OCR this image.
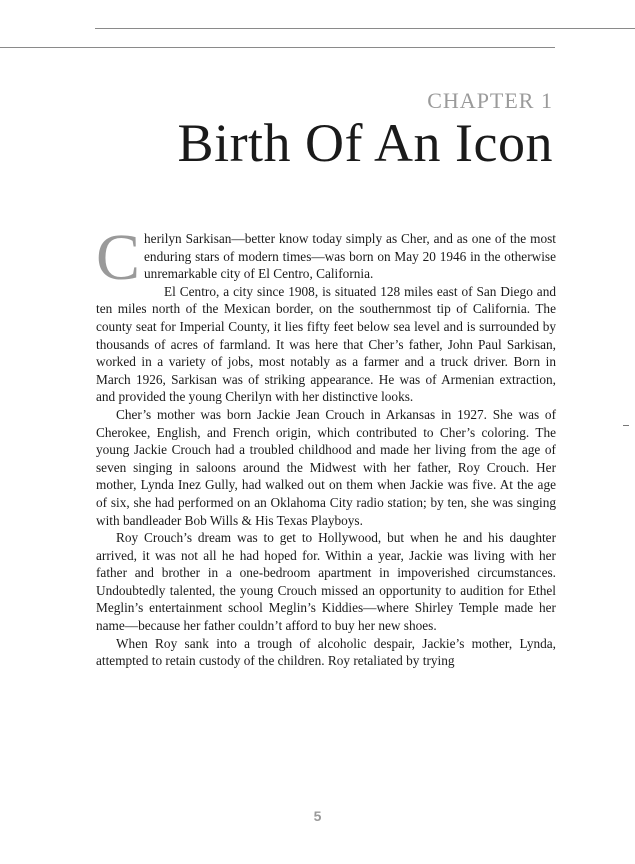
CHAPTER 1
Birth Of An Icon

Cherilyn Sarkisan—better know today simply as Cher, and as one of the most enduring stars of modern times—was born on May 20 1946 in the otherwise unremarkable city of El Centro, California.

El Centro, a city since 1908, is situated 128 miles east of San Diego and ten miles north of the Mexican border, on the southernmost tip of California. The county seat for Imperial County, it lies fifty feet below sea level and is surrounded by thousands of acres of farmland. It was here that Cher’s father, John Paul Sarkisan, worked in a variety of jobs, most notably as a farmer and a truck driver. Born in March 1926, Sarkisan was of striking appearance. He was of Armenian extraction, and provided the young Cherilyn with her distinctive looks.

Cher’s mother was born Jackie Jean Crouch in Arkansas in 1927. She was of Cherokee, English, and French origin, which contributed to Cher’s coloring. The young Jackie Crouch had a troubled childhood and made her living from the age of seven singing in saloons around the Midwest with her father, Roy Crouch. Her mother, Lynda Inez Gully, had walked out on them when Jackie was five. At the age of six, she had performed on an Oklahoma City radio station; by ten, she was singing with bandleader Bob Wills & His Texas Playboys.

Roy Crouch’s dream was to get to Hollywood, but when he and his daughter arrived, it was not all he had hoped for. Within a year, Jackie was living with her father and brother in a one-bedroom apartment in impoverished circumstances. Undoubtedly talented, the young Crouch missed an opportunity to audition for Ethel Meglin’s entertainment school Meglin’s Kiddies—where Shirley Temple made her name—because her father couldn’t afford to buy her new shoes.

When Roy sank into a trough of alcoholic despair, Jackie’s mother, Lynda, attempted to retain custody of the children. Roy retaliated by trying

5
